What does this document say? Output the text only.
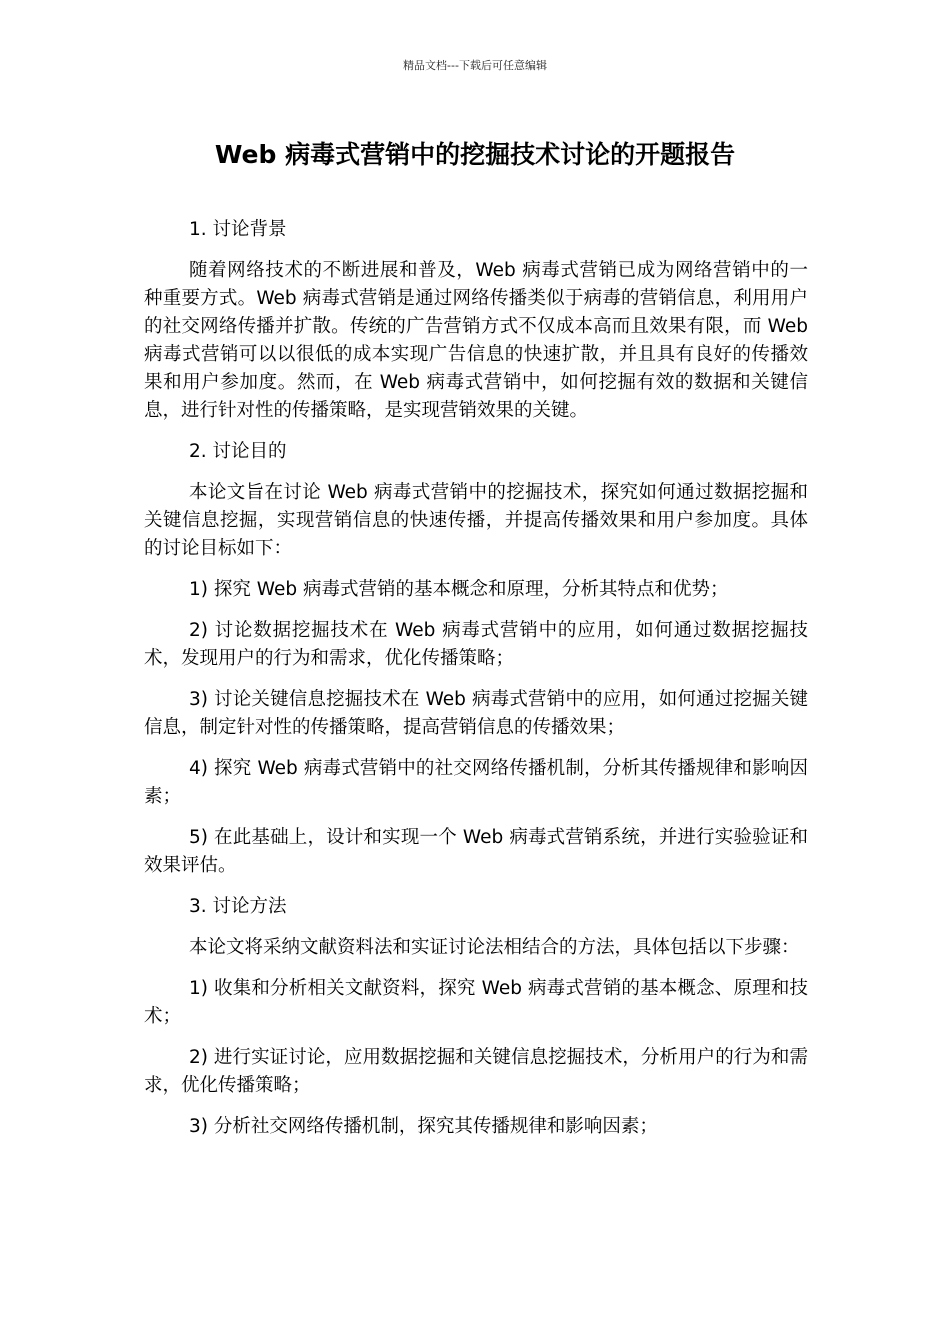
精品文档---下载后可任意编辑
Web 病毒式营销中的挖掘技术讨论的开题报告

1. 讨论背景

随着网络技术的不断进展和普及，Web 病毒式营销已成为网络营销中的一种重要方式。Web 病毒式营销是通过网络传播类似于病毒的营销信息，利用用户的社交网络传播并扩散。传统的广告营销方式不仅成本高而且效果有限，而 Web 病毒式营销可以以很低的成本实现广告信息的快速扩散，并且具有良好的传播效果和用户参加度。然而，在 Web 病毒式营销中，如何挖掘有效的数据和关键信息，进行针对性的传播策略，是实现营销效果的关键。

2. 讨论目的

本论文旨在讨论 Web 病毒式营销中的挖掘技术，探究如何通过数据挖掘和关键信息挖掘，实现营销信息的快速传播，并提高传播效果和用户参加度。具体的讨论目标如下：

1) 探究 Web 病毒式营销的基本概念和原理，分析其特点和优势；

2) 讨论数据挖掘技术在 Web 病毒式营销中的应用，如何通过数据挖掘技术，发现用户的行为和需求，优化传播策略；

3) 讨论关键信息挖掘技术在 Web 病毒式营销中的应用，如何通过挖掘关键信息，制定针对性的传播策略，提高营销信息的传播效果；

4) 探究 Web 病毒式营销中的社交网络传播机制，分析其传播规律和影响因素；

5) 在此基础上，设计和实现一个 Web 病毒式营销系统，并进行实验验证和效果评估。

3. 讨论方法

本论文将采纳文献资料法和实证讨论法相结合的方法，具体包括以下步骤：

1) 收集和分析相关文献资料，探究 Web 病毒式营销的基本概念、原理和技术；

2) 进行实证讨论，应用数据挖掘和关键信息挖掘技术，分析用户的行为和需求，优化传播策略；

3) 分析社交网络传播机制，探究其传播规律和影响因素；
